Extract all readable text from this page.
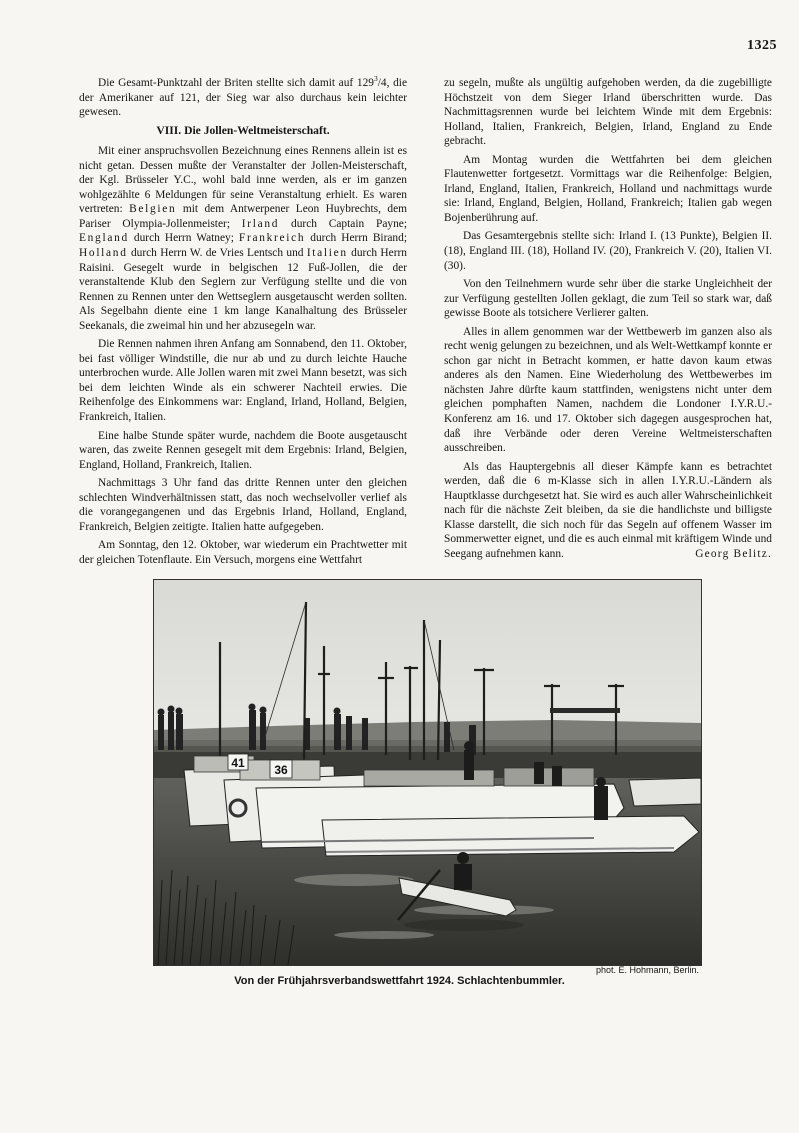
1325

Die Gesamt-Punktzahl der Briten stellte sich damit auf $129^3/4$, die der Amerikaner auf 121, der Sieg war also durchaus kein leichter gewesen.

VIII. Die Jollen-Weltmeisterschaft.

Mit einer anspruchsvollen Bezeichnung eines Rennens allein ist es nicht getan. Dessen mußte der Veranstalter der Jollen-Meisterschaft, der Kgl. Brüsseler Y.C., wohl bald inne werden, als er im ganzen wohlgezählte 6 Meldungen für seine Veranstaltung erhielt. Es waren vertreten: Belgien mit dem Antwerpener Leon Huybrechts, dem Pariser Olympia-Jollenmeister; Irland durch Captain Payne; England durch Herrn Watney; Frankreich durch Herrn Birand; Holland durch Herrn W. de Vries Lentsch und Italien durch Herrn Raisini. Gesegelt wurde in belgischen 12 Fuß-Jollen, die der veranstaltende Klub den Seglern zur Verfügung stellte und die von Rennen zu Rennen unter den Wettseglern ausgetauscht werden sollten. Als Segelbahn diente eine 1 km lange Kanalhaltung des Brüsseler Seekanals, die zweimal hin und her abzusegeln war.

Die Rennen nahmen ihren Anfang am Sonnabend, den 11. Oktober, bei fast völliger Windstille, die nur ab und zu durch leichte Hauche unterbrochen wurde. Alle Jollen waren mit zwei Mann besetzt, was sich bei dem leichten Winde als ein schwerer Nachteil erwies. Die Reihenfolge des Einkommens war: England, Irland, Holland, Belgien, Frankreich, Italien.

Eine halbe Stunde später wurde, nachdem die Boote ausgetauscht waren, das zweite Rennen gesegelt mit dem Ergebnis: Irland, Belgien, England, Holland, Frankreich, Italien.

Nachmittags 3 Uhr fand das dritte Rennen unter den gleichen schlechten Windverhältnissen statt, das noch wechselvoller verlief als die vorangegangenen und das Ergebnis Irland, Holland, England, Frankreich, Belgien zeitigte. Italien hatte aufgegeben.

Am Sonntag, den 12. Oktober, war wiederum ein Prachtwetter mit der gleichen Totenflaute. Ein Versuch, morgens eine Wettfahrt

zu segeln, mußte als ungültig aufgehoben werden, da die zugebilligte Höchstzeit von dem Sieger Irland überschritten wurde. Das Nachmittagsrennen wurde bei leichtem Winde mit dem Ergebnis: Holland, Italien, Frankreich, Belgien, Irland, England zu Ende gebracht.

Am Montag wurden die Wettfahrten bei dem gleichen Flautenwetter fortgesetzt. Vormittags war die Reihenfolge: Belgien, Irland, England, Italien, Frankreich, Holland und nachmittags wurde sie: Irland, England, Belgien, Holland, Frankreich; Italien gab wegen Bojenberührung auf.

Das Gesamtergebnis stellte sich: Irland I. (13 Punkte), Belgien II. (18), England III. (18), Holland IV. (20), Frankreich V. (20), Italien VI. (30).

Von den Teilnehmern wurde sehr über die starke Ungleichheit der zur Verfügung gestellten Jollen geklagt, die zum Teil so stark war, daß gewisse Boote als totsichere Verlierer galten.

Alles in allem genommen war der Wettbewerb im ganzen also als recht wenig gelungen zu bezeichnen, und als Welt-Wettkampf konnte er schon gar nicht in Betracht kommen, er hatte davon kaum etwas anderes als den Namen. Eine Wiederholung des Wettbewerbes im nächsten Jahre dürfte kaum stattfinden, wenigstens nicht unter dem gleichen pomphaften Namen, nachdem die Londoner I.Y.R.U.-Konferenz am 16. und 17. Oktober sich dagegen ausgesprochen hat, daß ihre Verbände oder deren Vereine Weltmeisterschaften ausschreiben.

Als das Hauptergebnis all dieser Kämpfe kann es betrachtet werden, daß die 6 m-Klasse sich in allen I.Y.R.U.-Ländern als Hauptklasse durchgesetzt hat. Sie wird es auch aller Wahrscheinlichkeit nach für die nächste Zeit bleiben, da sie die handlichste und billigste Klasse darstellt, die sich noch für das Segeln auf offenem Wasser im Sommerwetter eignet, und die es auch einmal mit kräftigem Winde und Seegang aufnehmen kann.	Georg Belitz.

41 36
phot. E. Hohmann, Berlin.
Von der Frühjahrsverbandswettfahrt 1924. Schlachtenbummler.
